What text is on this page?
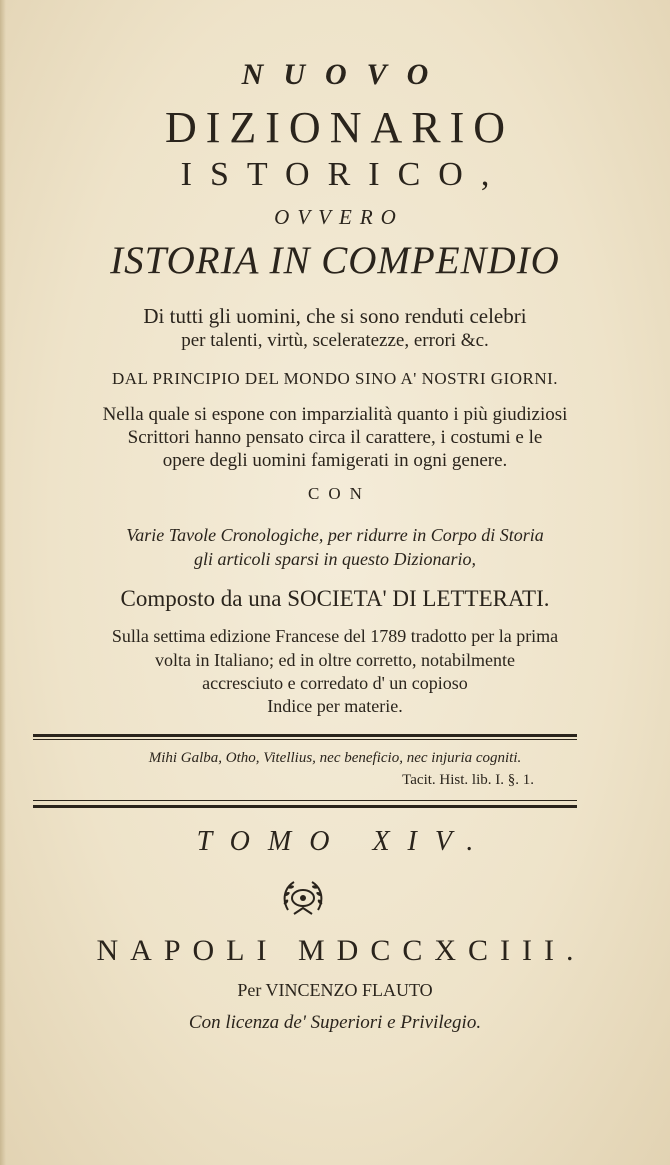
NUOVO
DIZIONARIO
ISTORICO,
OVVERO
ISTORIA IN COMPENDIO
Di tutti gli uomini, che si sono renduti celebri
per talenti, virtù, sceleratezze, errori &c.
DAL PRINCIPIO DEL MONDO SINO A' NOSTRI GIORNI.
Nella quale si espone con imparzialità quanto i più giudiziosi
Scrittori hanno pensato circa il carattere, i costumi e le
opere degli uomini famigerati in ogni genere.
CON
Varie Tavole Cronologiche, per ridurre in Corpo di Storia
gli articoli sparsi in questo Dizionario,
Composto da una SOCIETA' DI LETTERATI.
Sulla settima edizione Francese del 1789 tradotto per la prima
volta in Italiano; ed in oltre corretto, notabilmente
accresciuto e corredato d' un copioso
Indice per materie.
Mihi Galba, Otho, Vitellius, nec beneficio, nec injuria cogniti.
Tacit. Hist. lib. I. §. 1.
TOMO XIV.
NAPOLI MDCCXCIII.
Per VINCENZO FLAUTO
Con licenza de' Superiori e Privilegio.
